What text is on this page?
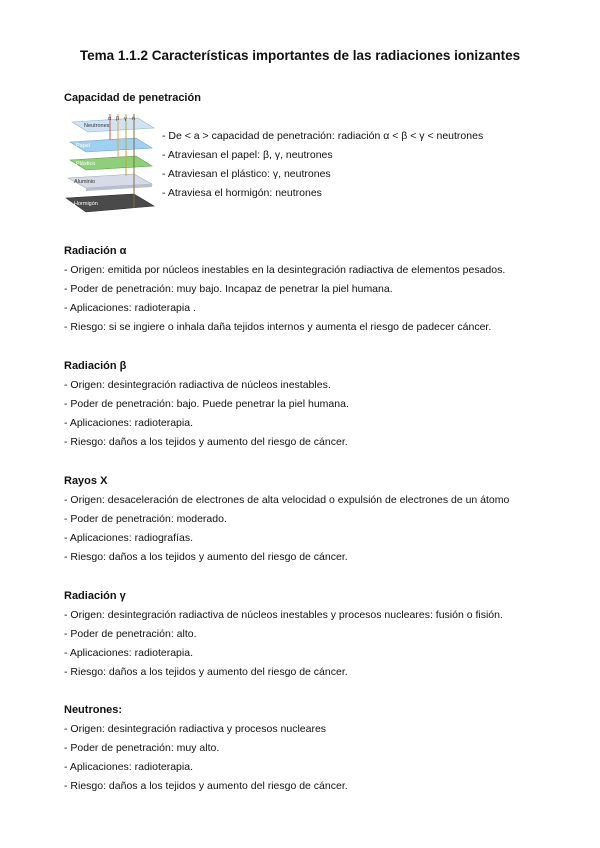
Tema 1.1.2 Características importantes de las radiaciones ionizantes
Capacidad de penetración
α β γ n
Neutrones
Papel
Plástico
Aluminio
Hormigón
- De < a > capacidad de penetración: radiación α < β < γ < neutrones
- Atraviesan el papel: β, γ, neutrones
- Atraviesan el plástico: γ, neutrones
- Atraviesa el hormigón: neutrones
Radiación α
- Origen: emitida por núcleos inestables en la desintegración radiactiva de elementos pesados.
- Poder de penetración: muy bajo. Incapaz de penetrar la piel humana.
- Aplicaciones: radioterapia .
- Riesgo: si se ingiere o inhala daña tejidos internos y aumenta el riesgo de padecer cáncer.
Radiación β
- Origen: desintegración radiactiva de núcleos inestables.
- Poder de penetración: bajo. Puede penetrar la piel humana.
- Aplicaciones: radioterapia.
- Riesgo: daños a los tejidos y aumento del riesgo de cáncer.
Rayos X
- Origen: desaceleración de electrones de alta velocidad o expulsión de electrones de un átomo
- Poder de penetración: moderado.
- Aplicaciones: radiografías.
- Riesgo: daños a los tejidos y aumento del riesgo de cáncer.
Radiación γ
- Origen: desintegración radiactiva de núcleos inestables y procesos nucleares: fusión o fisión.
- Poder de penetración: alto.
- Aplicaciones: radioterapia.
- Riesgo: daños a los tejidos y aumento del riesgo de cáncer.
Neutrones:
- Origen: desintegración radiactiva y procesos nucleares
- Poder de penetración: muy alto.
- Aplicaciones: radioterapia.
- Riesgo: daños a los tejidos y aumento del riesgo de cáncer.
